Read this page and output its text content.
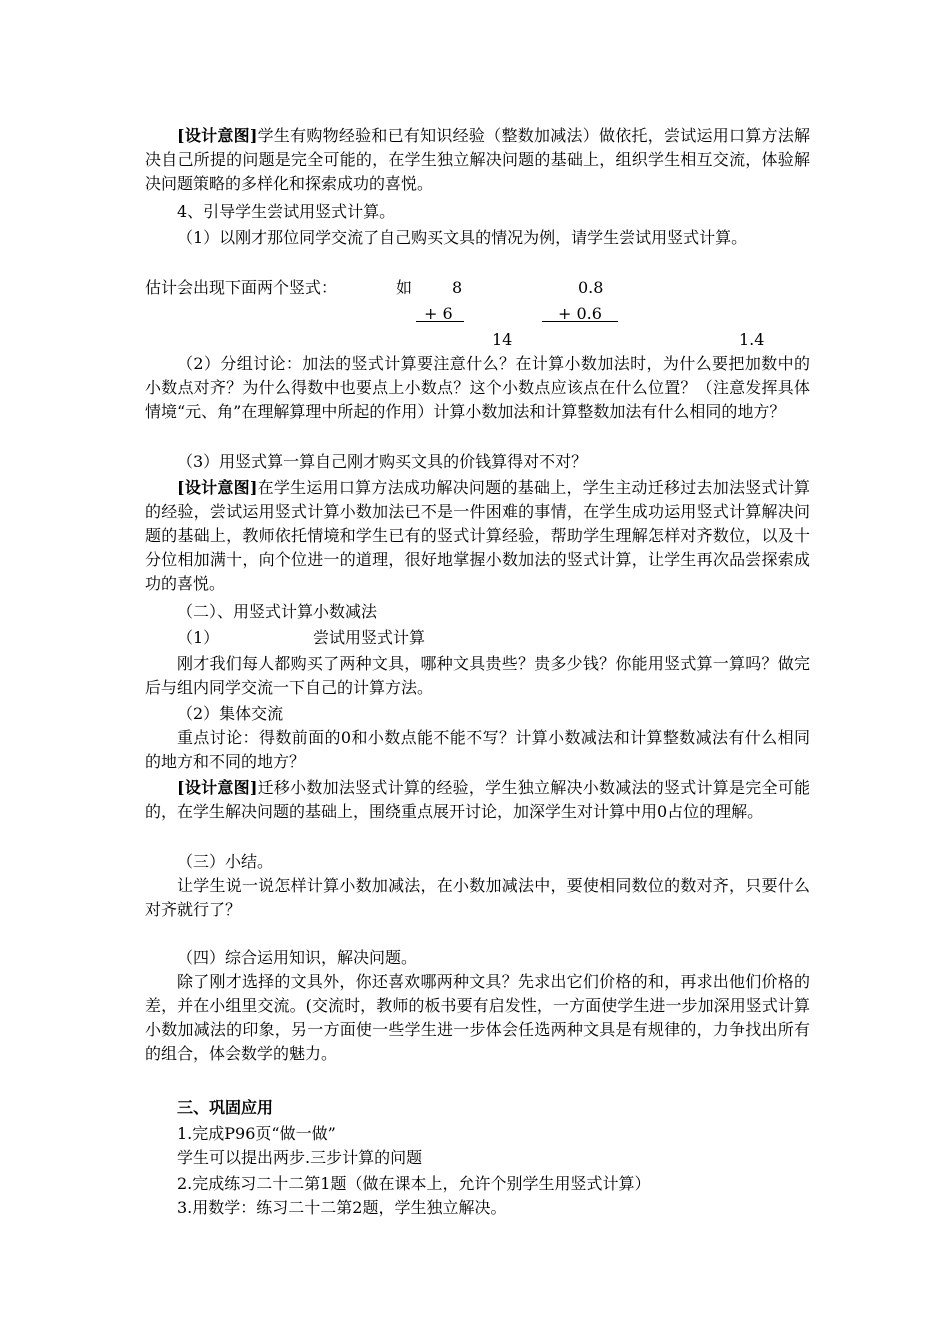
[设计意图]学生有购物经验和已有知识经验（整数加减法）做依托，尝试运用口算方法解决自己所提的问题是完全可能的，在学生独立解决问题的基础上，组织学生相互交流，体验解决问题策略的多样化和探索成功的喜悦。

4、引导学生尝试用竖式计算。

（1）以刚才那位同学交流了自己购买文具的情况为例，请学生尝试用竖式计算。

估计会出现下面两个竖式：	如 8
+ 6
14
0.8
+ 0.6
1.4

（2）分组讨论：加法的竖式计算要注意什么？在计算小数加法时，为什么要把加数中的小数点对齐？为什么得数中也要点上小数点？这个小数点应该点在什么位置？（注意发挥具体情境“元、角”在理解算理中所起的作用）计算小数加法和计算整数加法有什么相同的地方？

（3）用竖式算一算自己刚才购买文具的价钱算得对不对？

[设计意图]在学生运用口算方法成功解决问题的基础上，学生主动迁移过去加法竖式计算的经验，尝试运用竖式计算小数加法已不是一件困难的事情，在学生成功运用竖式计算解决问题的基础上，教师依托情境和学生已有的竖式计算经验，帮助学生理解怎样对齐数位，以及十分位相加满十，向个位进一的道理，很好地掌握小数加法的竖式计算，让学生再次品尝探索成功的喜悦。

（二）、用竖式计算小数减法

（1）	尝试用竖式计算

刚才我们每人都购买了两种文具，哪种文具贵些？贵多少钱？你能用竖式算一算吗？做完后与组内同学交流一下自己的计算方法。

（2）集体交流

重点讨论：得数前面的0和小数点能不能不写？计算小数减法和计算整数减法有什么相同的地方和不同的地方？

[设计意图]迁移小数加法竖式计算的经验，学生独立解决小数减法的竖式计算是完全可能的，在学生解决问题的基础上，围绕重点展开讨论，加深学生对计算中用0占位的理解。

（三）小结。

让学生说一说怎样计算小数加减法，在小数加减法中，要使相同数位的数对齐，只要什么对齐就行了？

（四）综合运用知识，解决问题。

除了刚才选择的文具外，你还喜欢哪两种文具？先求出它们价格的和，再求出他们价格的差，并在小组里交流。(交流时，教师的板书要有启发性，一方面使学生进一步加深用竖式计算小数加减法的印象，另一方面使一些学生进一步体会任选两种文具是有规律的，力争找出所有的组合，体会数学的魅力。

三、巩固应用
1.完成P96页“做一做”
学生可以提出两步.三步计算的问题
2.完成练习二十二第1题（做在课本上，允许个别学生用竖式计算）
3.用数学：练习二十二第2题，学生独立解决。
